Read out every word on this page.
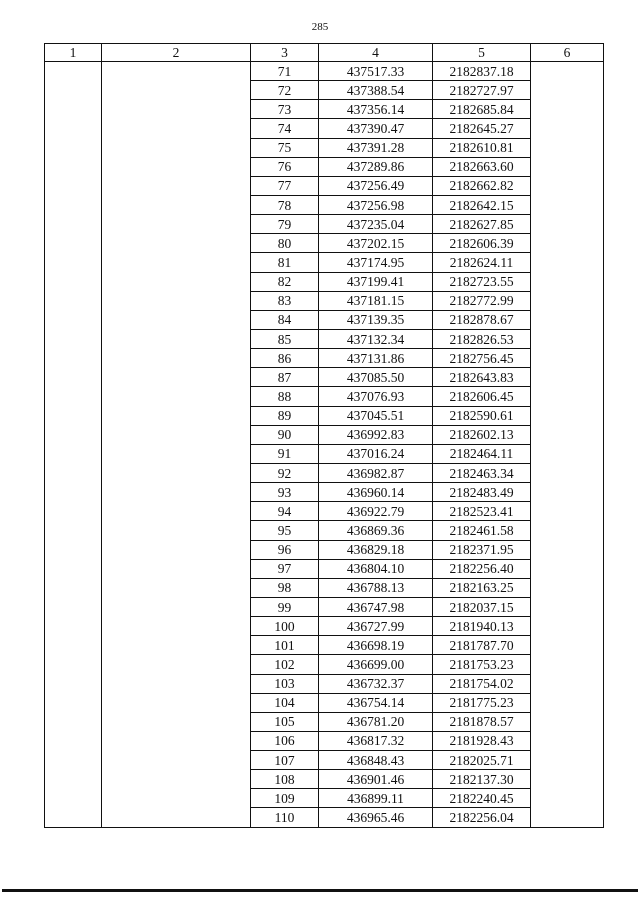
285
1	2	3	4	5	6
		71	437517.33	2182837.18	
		72	437388.54	2182727.97	
		73	437356.14	2182685.84	
		74	437390.47	2182645.27	
		75	437391.28	2182610.81	
		76	437289.86	2182663.60	
		77	437256.49	2182662.82	
		78	437256.98	2182642.15	
		79	437235.04	2182627.85	
		80	437202.15	2182606.39	
		81	437174.95	2182624.11	
		82	437199.41	2182723.55	
		83	437181.15	2182772.99	
		84	437139.35	2182878.67	
		85	437132.34	2182826.53	
		86	437131.86	2182756.45	
		87	437085.50	2182643.83	
		88	437076.93	2182606.45	
		89	437045.51	2182590.61	
		90	436992.83	2182602.13	
		91	437016.24	2182464.11	
		92	436982.87	2182463.34	
		93	436960.14	2182483.49	
		94	436922.79	2182523.41	
		95	436869.36	2182461.58	
		96	436829.18	2182371.95	
		97	436804.10	2182256.40	
		98	436788.13	2182163.25	
		99	436747.98	2182037.15	
		100	436727.99	2181940.13	
		101	436698.19	2181787.70	
		102	436699.00	2181753.23	
		103	436732.37	2181754.02	
		104	436754.14	2181775.23	
		105	436781.20	2181878.57	
		106	436817.32	2181928.43	
		107	436848.43	2182025.71	
		108	436901.46	2182137.30	
		109	436899.11	2182240.45	
		110	436965.46	2182256.04	
